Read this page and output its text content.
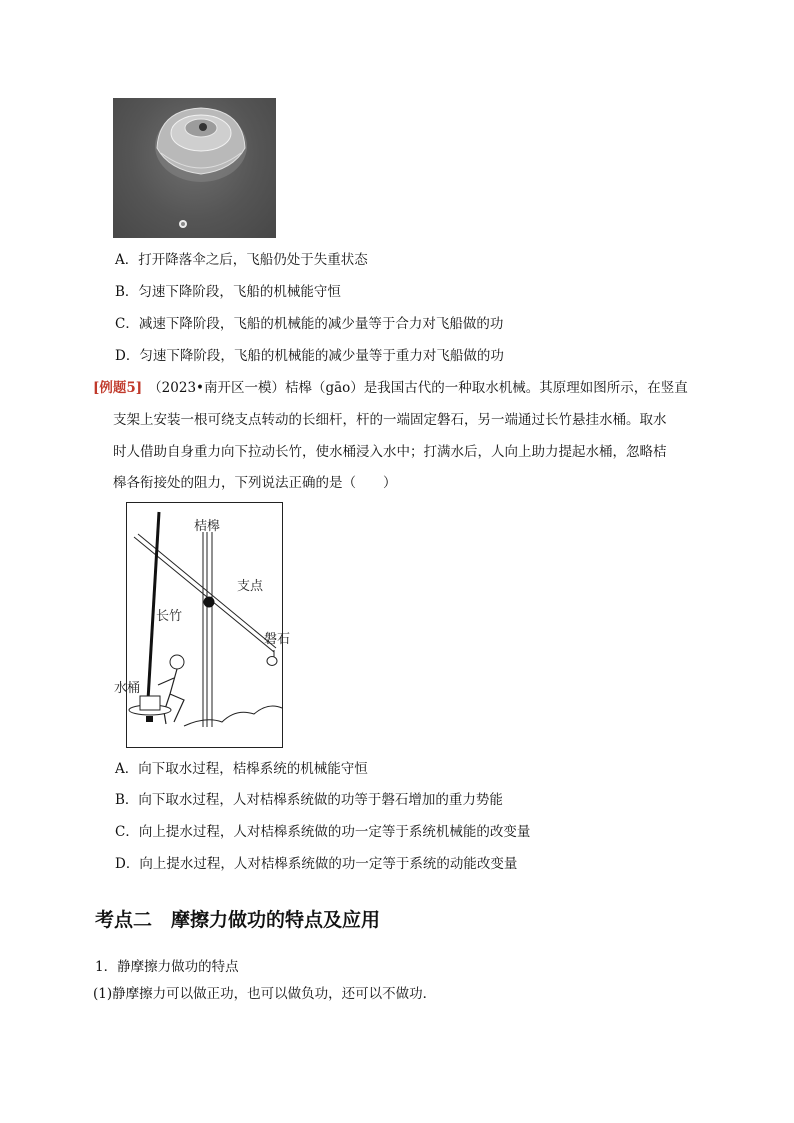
A．打开降落伞之后，飞船仍处于失重状态
B．匀速下降阶段，飞船的机械能守恒
C．减速下降阶段，飞船的机械能的减少量等于合力对飞船做的功
D．匀速下降阶段，飞船的机械能的减少量等于重力对飞船做的功
[例题5] （2023•南开区一模）桔槔（gāo）是我国古代的一种取水机械。其原理如图所示，在竖直
支架上安装一根可绕支点转动的长细杆，杆的一端固定磐石，另一端通过长竹悬挂水桶。取水
时人借助自身重力向下拉动长竹，使水桶浸入水中；打满水后，人向上助力提起水桶，忽略桔
槔各衔接处的阻力，下列说法正确的是（　　）
桔槔
支点
长竹
磐石
水桶
A．向下取水过程，桔槔系统的机械能守恒
B．向下取水过程，人对桔槔系统做的功等于磐石增加的重力势能
C．向上提水过程，人对桔槔系统做的功一定等于系统机械能的改变量
D．向上提水过程，人对桔槔系统做的功一定等于系统的动能改变量
考点二　摩擦力做功的特点及应用
1．静摩擦力做功的特点
(1)静摩擦力可以做正功，也可以做负功，还可以不做功．
